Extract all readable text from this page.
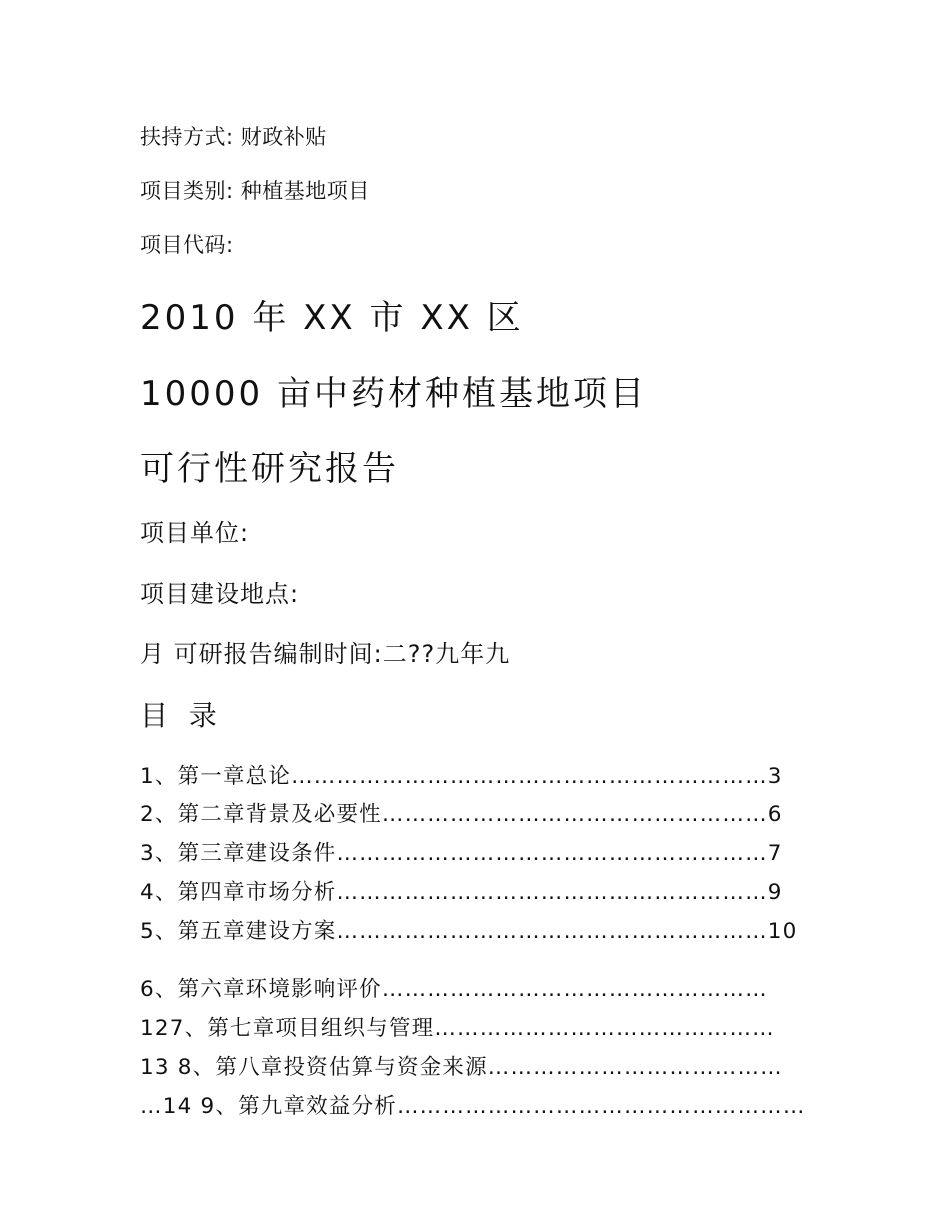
扶持方式: 财政补贴
项目类别: 种植基地项目
项目代码:
2010 年 XX 市 XX 区
10000 亩中药材种植基地项目
可行性研究报告
项目单位:
项目建设地点:
月 可研报告编制时间:二??九年九
目 录
1、第一章总论………………………………………………………3
2、第二章背景及必要性……………………………………………6
3、第三章建设条件…………………………………………………7
4、第四章市场分析…………………………………………………9
5、第五章建设方案…………………………………………………10
6、第六章环境影响评价……………………………………………
127、第七章项目组织与管理………………………………………
13 8、第八章投资估算与资金来源…………………………………
…14 9、第九章效益分析………………………………………………
